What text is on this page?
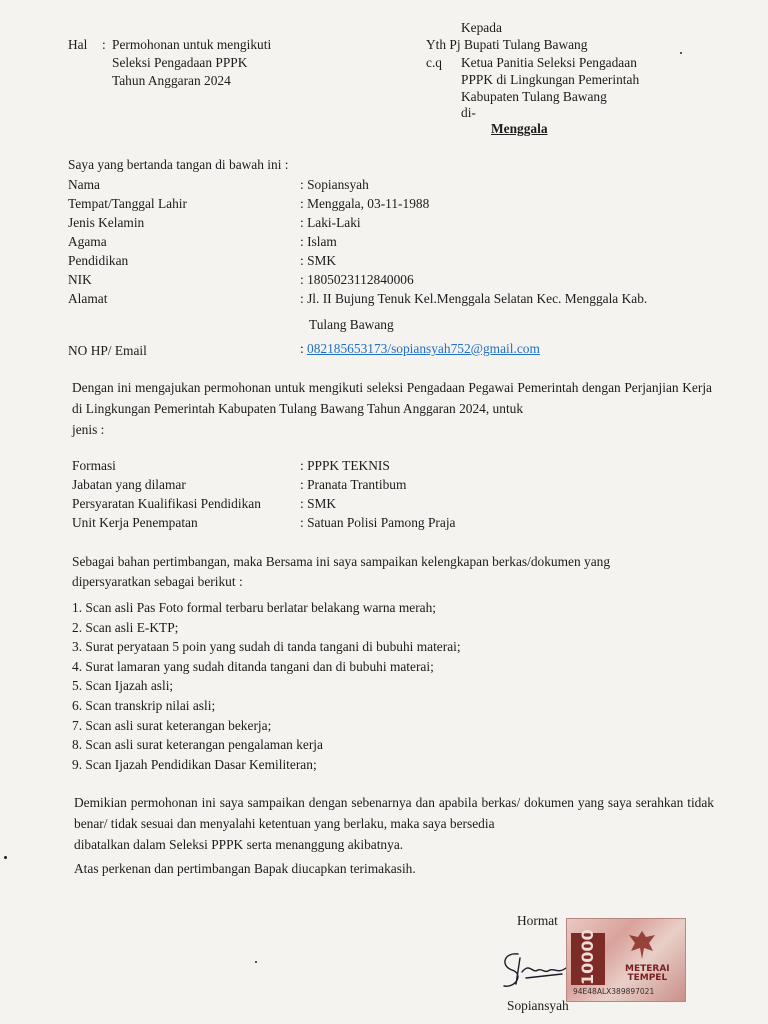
Hal : Permohonan untuk mengikuti
Seleksi Pengadaan PPPK
Tahun Anggaran 2024
Kepada
Yth Pj Bupati Tulang Bawang
c.q Ketua Panitia Seleksi Pengadaan
PPPK di Lingkungan Pemerintah
Kabupaten Tulang Bawang
di-
Menggala
Saya yang bertanda tangan di bawah ini :
Nama	: Sopiansyah
Tempat/Tanggal Lahir	: Menggala, 03-11-1988
Jenis Kelamin	: Laki-Laki
Agama	: Islam
Pendidikan	: SMK
NIK	: 1805023112840006
Alamat	: Jl. II Bujung Tenuk Kel.Menggala Selatan Kec. Menggala Kab.
Tulang Bawang
NO HP/ Email	: 082185653173/sopiansyah752@gmail.com
Dengan ini mengajukan permohonan untuk mengikuti seleksi Pengadaan Pegawai Pemerintah dengan Perjanjian Kerja di Lingkungan Pemerintah Kabupaten Tulang Bawang Tahun Anggaran 2024, untuk
jenis :
Formasi	: PPPK TEKNIS
Jabatan yang dilamar	: Pranata Trantibum
Persyaratan Kualifikasi Pendidikan	: SMK
Unit Kerja Penempatan	: Satuan Polisi Pamong Praja
Sebagai bahan pertimbangan, maka Bersama ini saya sampaikan kelengkapan berkas/dokumen yang
dipersyaratkan sebagai berikut :
1. Scan asli Pas Foto formal terbaru berlatar belakang warna merah;
2. Scan asli E-KTP;
3. Surat peryataan 5 poin yang sudah di tanda tangani di bubuhi materai;
4. Surat lamaran yang sudah ditanda tangani dan di bubuhi materai;
5. Scan Ijazah asli;
6. Scan transkrip nilai asli;
7. Scan asli surat keterangan bekerja;
8. Scan asli surat keterangan pengalaman kerja
9. Scan Ijazah Pendidikan Dasar Kemiliteran;
Demikian permohonan ini saya sampaikan dengan sebenarnya dan apabila berkas/ dokumen yang saya serahkan tidak benar/ tidak sesuai dan menyalahi ketentuan yang berlaku, maka saya bersedia
dibatalkan dalam Seleksi PPPK serta menanggung akibatnya.
Atas perkenan dan pertimbangan Bapak diucapkan terimakasih.
Hormat
10000	METERAI
TEMPEL
94E48ALX389897021
Sopiansyah
